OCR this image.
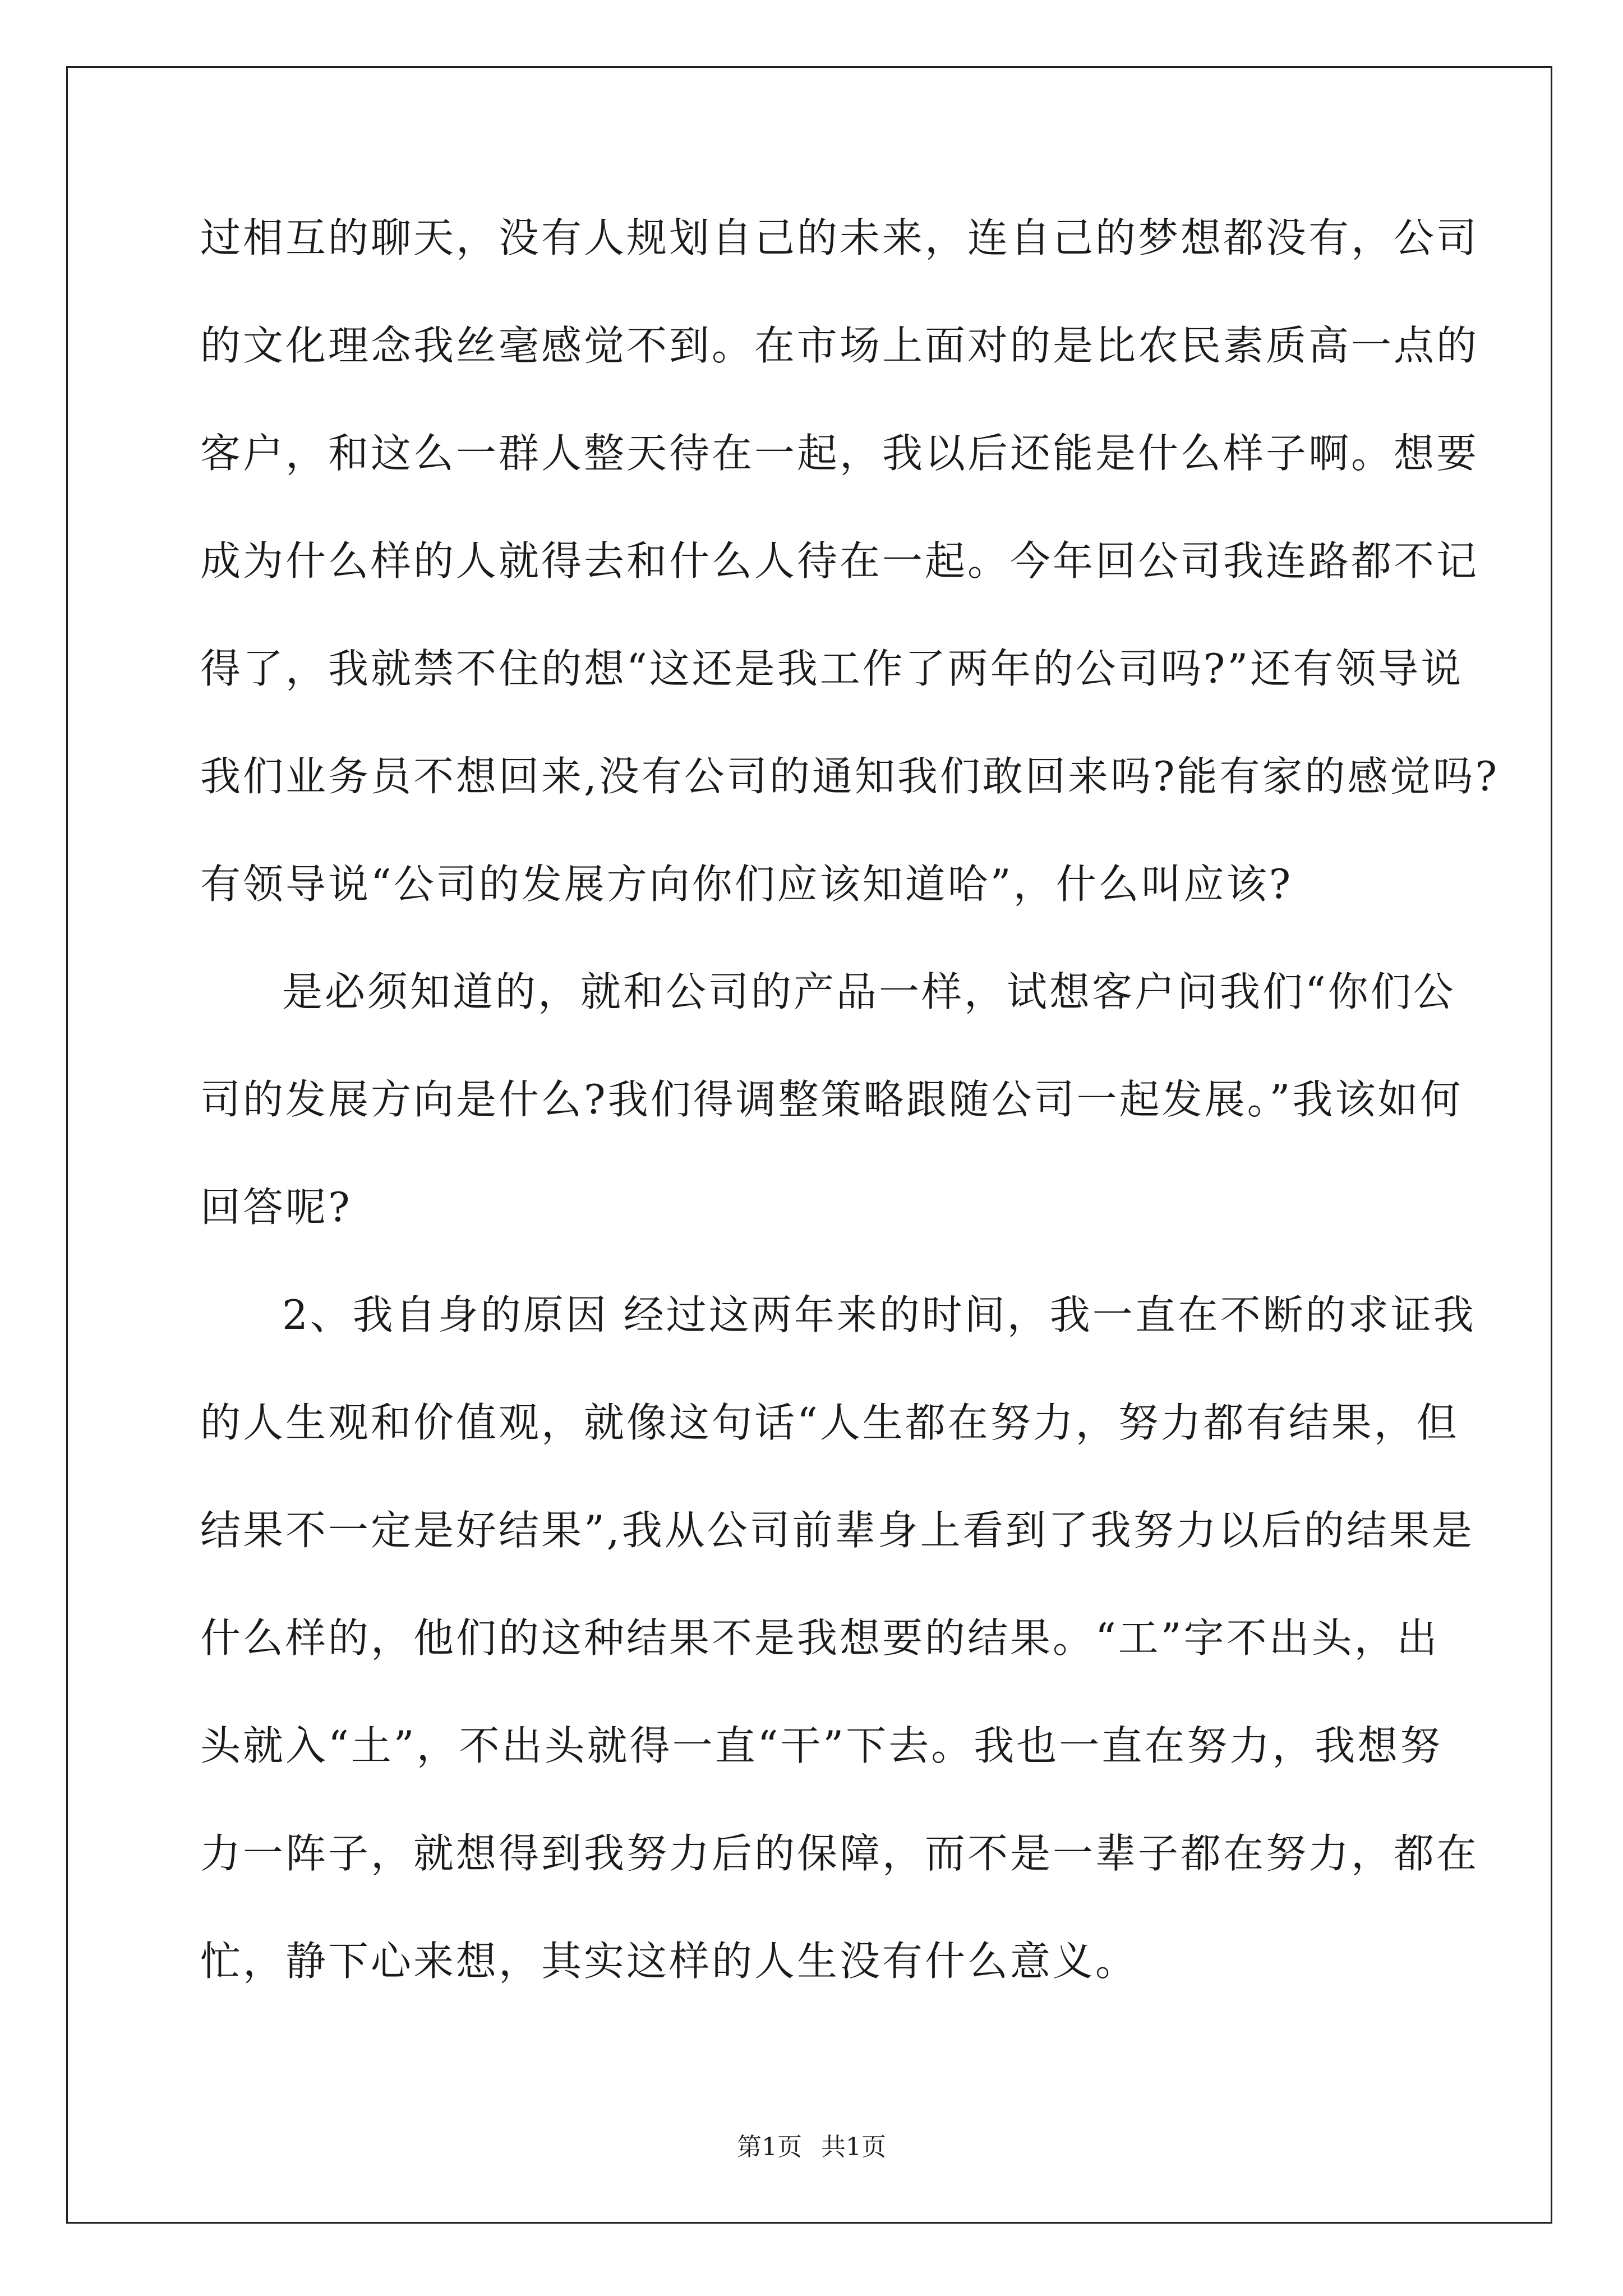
过相互的聊天，没有人规划自己的未来，连自己的梦想都没有，公司
的文化理念我丝毫感觉不到。在市场上面对的是比农民素质高一点的
客户，和这么一群人整天待在一起，我以后还能是什么样子啊。想要
成为什么样的人就得去和什么人待在一起。今年回公司我连路都不记
得了，我就禁不住的想“这还是我工作了两年的公司吗?”还有领导说
我们业务员不想回来,没有公司的通知我们敢回来吗?能有家的感觉吗?
有领导说“公司的发展方向你们应该知道哈”，什么叫应该?
是必须知道的，就和公司的产品一样，试想客户问我们“你们公
司的发展方向是什么?我们得调整策略跟随公司一起发展。”我该如何
回答呢?
2、我自身的原因 经过这两年来的时间，我一直在不断的求证我
的人生观和价值观，就像这句话“人生都在努力，努力都有结果，但
结果不一定是好结果”,我从公司前辈身上看到了我努力以后的结果是
什么样的，他们的这种结果不是我想要的结果。“工”字不出头，出
头就入“土”，不出头就得一直“干”下去。我也一直在努力，我想努
力一阵子，就想得到我努力后的保障，而不是一辈子都在努力，都在
忙，静下心来想，其实这样的人生没有什么意义。
第1页 共1页
